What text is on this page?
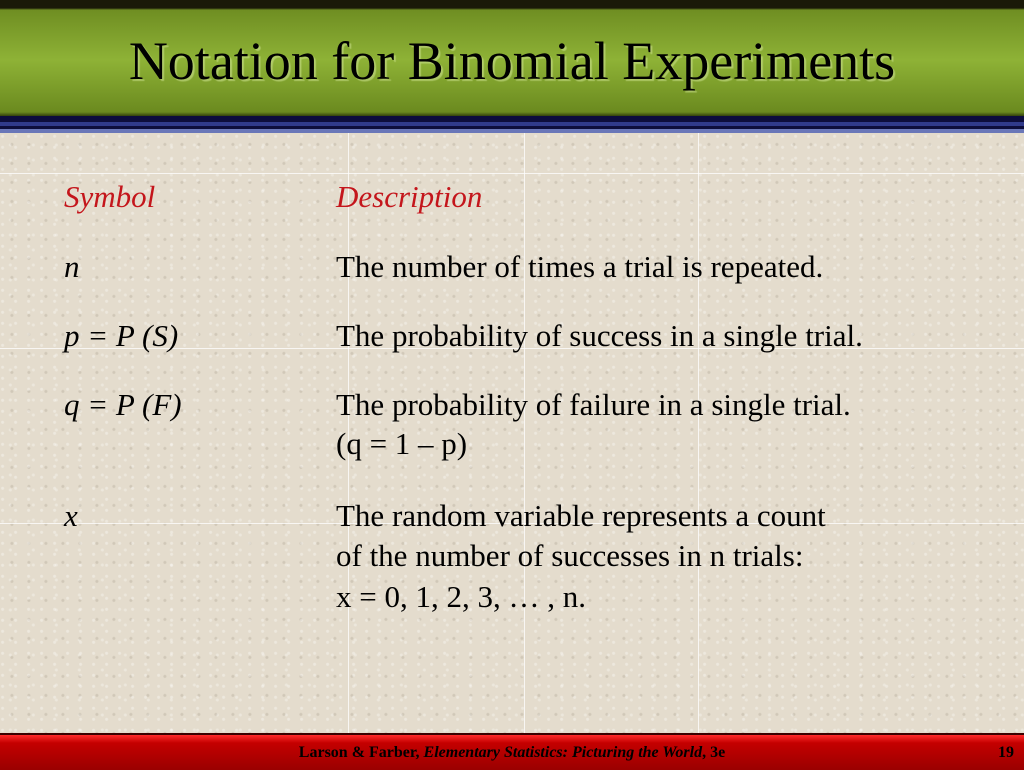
Notation for Binomial Experiments
Symbol	Description
n	The number of times a trial is repeated.
p = P (S)	The probability of success in a single trial.
q = P (F)	The probability of failure in a single trial.
(q = 1 – p)
x	The random variable represents a count
of the number of successes in n trials:
x = 0, 1, 2, 3, … , n.
Larson & Farber, Elementary Statistics: Picturing the World, 3e	19
